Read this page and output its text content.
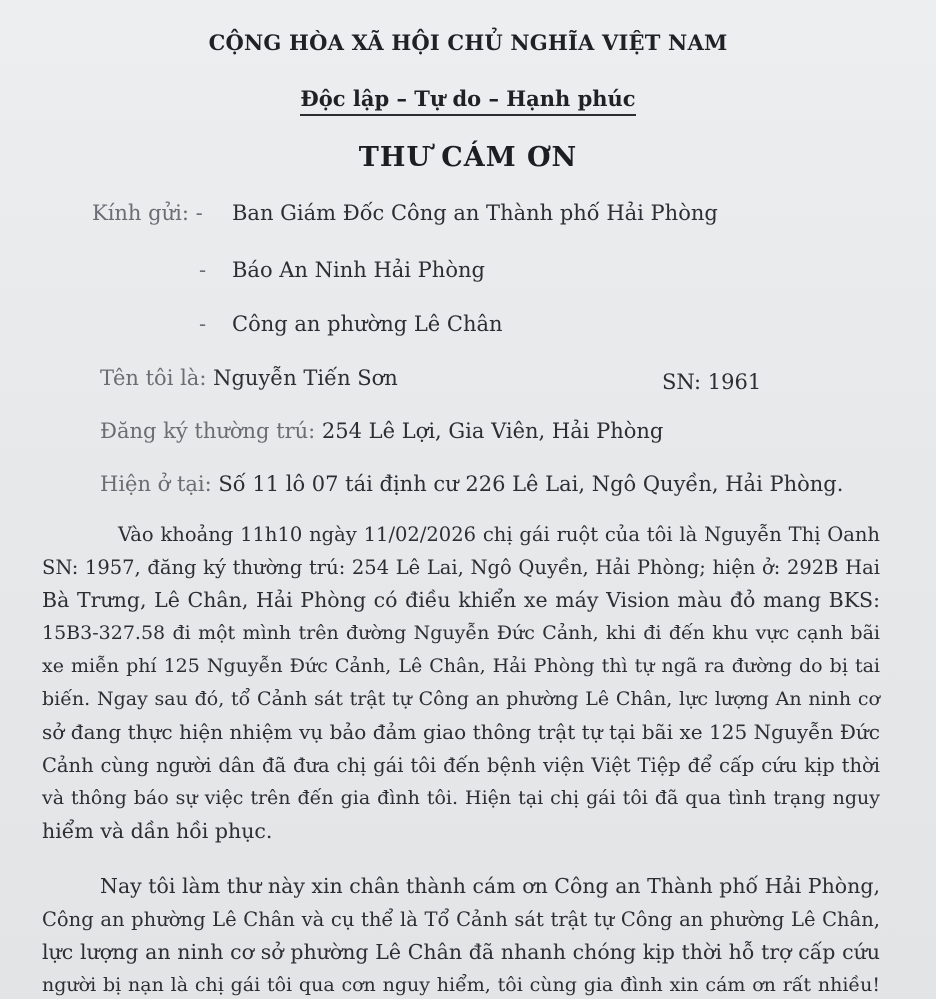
CỘNG HÒA XÃ HỘI CHỦ NGHĨA VIỆT NAM
Độc lập – Tự do – Hạnh phúc
THƯ CÁM ƠN
Kính gửi: - Ban Giám Đốc Công an Thành phố Hải Phòng
- Báo An Ninh Hải Phòng
- Công an phường Lê Chân
Tên tôi là: Nguyễn Tiến Sơn	SN: 1961
Đăng ký thường trú: 254 Lê Lợi, Gia Viên, Hải Phòng
Hiện ở tại: Số 11 lô 07 tái định cư 226 Lê Lai, Ngô Quyền, Hải Phòng.
Vào khoảng 11h10 ngày 11/02/2026 chị gái ruột của tôi là Nguyễn Thị Oanh
SN: 1957, đăng ký thường trú: 254 Lê Lai, Ngô Quyền, Hải Phòng; hiện ở: 292B Hai
Bà Trưng, Lê Chân, Hải Phòng có điều khiển xe máy Vision màu đỏ mang BKS:
15B3-327.58 đi một mình trên đường Nguyễn Đức Cảnh, khi đi đến khu vực cạnh bãi
xe miễn phí 125 Nguyễn Đức Cảnh, Lê Chân, Hải Phòng thì tự ngã ra đường do bị tai
biến. Ngay sau đó, tổ Cảnh sát trật tự Công an phường Lê Chân, lực lượng An ninh cơ
sở đang thực hiện nhiệm vụ bảo đảm giao thông trật tự tại bãi xe 125 Nguyễn Đức
Cảnh cùng người dân đã đưa chị gái tôi đến bệnh viện Việt Tiệp để cấp cứu kịp thời
và thông báo sự việc trên đến gia đình tôi. Hiện tại chị gái tôi đã qua tình trạng nguy
hiểm và dần hồi phục.
Nay tôi làm thư này xin chân thành cám ơn Công an Thành phố Hải Phòng,
Công an phường Lê Chân và cụ thể là Tổ Cảnh sát trật tự Công an phường Lê Chân,
lực lượng an ninh cơ sở phường Lê Chân đã nhanh chóng kịp thời hỗ trợ cấp cứu
người bị nạn là chị gái tôi qua cơn nguy hiểm, tôi cùng gia đình xin cám ơn rất nhiều!
